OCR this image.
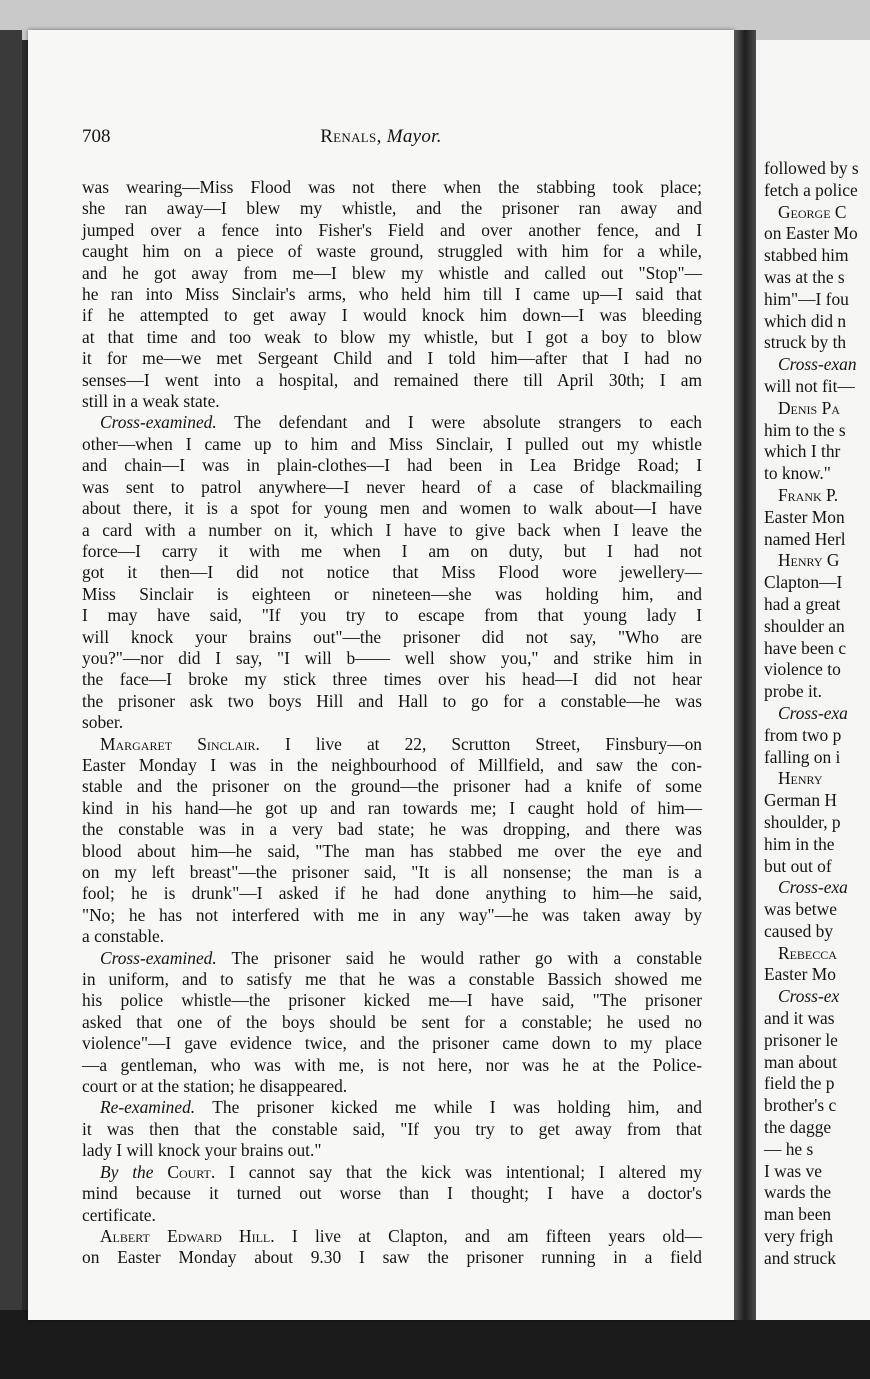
708	Renals, Mayor.
was wearing—Miss Flood was not there when the stabbing took place;
she ran away—I blew my whistle, and the prisoner ran away and
jumped over a fence into Fisher's Field and over another fence, and I
caught him on a piece of waste ground, struggled with him for a while,
and he got away from me—I blew my whistle and called out "Stop"—
he ran into Miss Sinclair's arms, who held him till I came up—I said that
if he attempted to get away I would knock him down—I was bleeding
at that time and too weak to blow my whistle, but I got a boy to blow
it for me—we met Sergeant Child and I told him—after that I had no
senses—I went into a hospital, and remained there till April 30th; I am
still in a weak state.
Cross-examined. The defendant and I were absolute strangers to each
other—when I came up to him and Miss Sinclair, I pulled out my whistle
and chain—I was in plain-clothes—I had been in Lea Bridge Road; I
was sent to patrol anywhere—I never heard of a case of blackmailing
about there, it is a spot for young men and women to walk about—I have
a card with a number on it, which I have to give back when I leave the
force—I carry it with me when I am on duty, but I had not
got it then—I did not notice that Miss Flood wore jewellery—
Miss Sinclair is eighteen or nineteen—she was holding him, and
I may have said, "If you try to escape from that young lady I
will knock your brains out"—the prisoner did not say, "Who are
you?"—nor did I say, "I will b—— well show you," and strike him in
the face—I broke my stick three times over his head—I did not hear
the prisoner ask two boys Hill and Hall to go for a constable—he was
sober.
Margaret Sinclair. I live at 22, Scrutton Street, Finsbury—on
Easter Monday I was in the neighbourhood of Millfield, and saw the con-
stable and the prisoner on the ground—the prisoner had a knife of some
kind in his hand—he got up and ran towards me; I caught hold of him—
the constable was in a very bad state; he was dropping, and there was
blood about him—he said, "The man has stabbed me over the eye and
on my left breast"—the prisoner said, "It is all nonsense; the man is a
fool; he is drunk"—I asked if he had done anything to him—he said,
"No; he has not interfered with me in any way"—he was taken away by
a constable.
Cross-examined. The prisoner said he would rather go with a constable
in uniform, and to satisfy me that he was a constable Bassich showed me
his police whistle—the prisoner kicked me—I have said, "The prisoner
asked that one of the boys should be sent for a constable; he used no
violence"—I gave evidence twice, and the prisoner came down to my place
—a gentleman, who was with me, is not here, nor was he at the Police-
court or at the station; he disappeared.
Re-examined. The prisoner kicked me while I was holding him, and
it was then that the constable said, "If you try to get away from that
lady I will knock your brains out."
By the Court. I cannot say that the kick was intentional; I altered my
mind because it turned out worse than I thought; I have a doctor's
certificate.
Albert Edward Hill. I live at Clapton, and am fifteen years old—
on Easter Monday about 9.30 I saw the prisoner running in a field
followed by s
fetch a police
George C
on Easter Mo
stabbed him
was at the s
him"—I fou
which did n
struck by th
Cross-exan
will not fit—
Denis Pa
him to the s
which I thr
to know."
Frank P.
Easter Mon
named Herl
Henry G
Clapton—I
had a great
shoulder an
have been c
violence to
probe it.
Cross-exa
from two p
falling on i
Henry
German H
shoulder, p
him in the
but out of
Cross-exa
was betwe
caused by
Rebecca
Easter Mo
Cross-ex
and it was
prisoner le
man about
field the p
brother's c
the dagge
— he s
I was ve
wards the
man been
very frigh
and struck
